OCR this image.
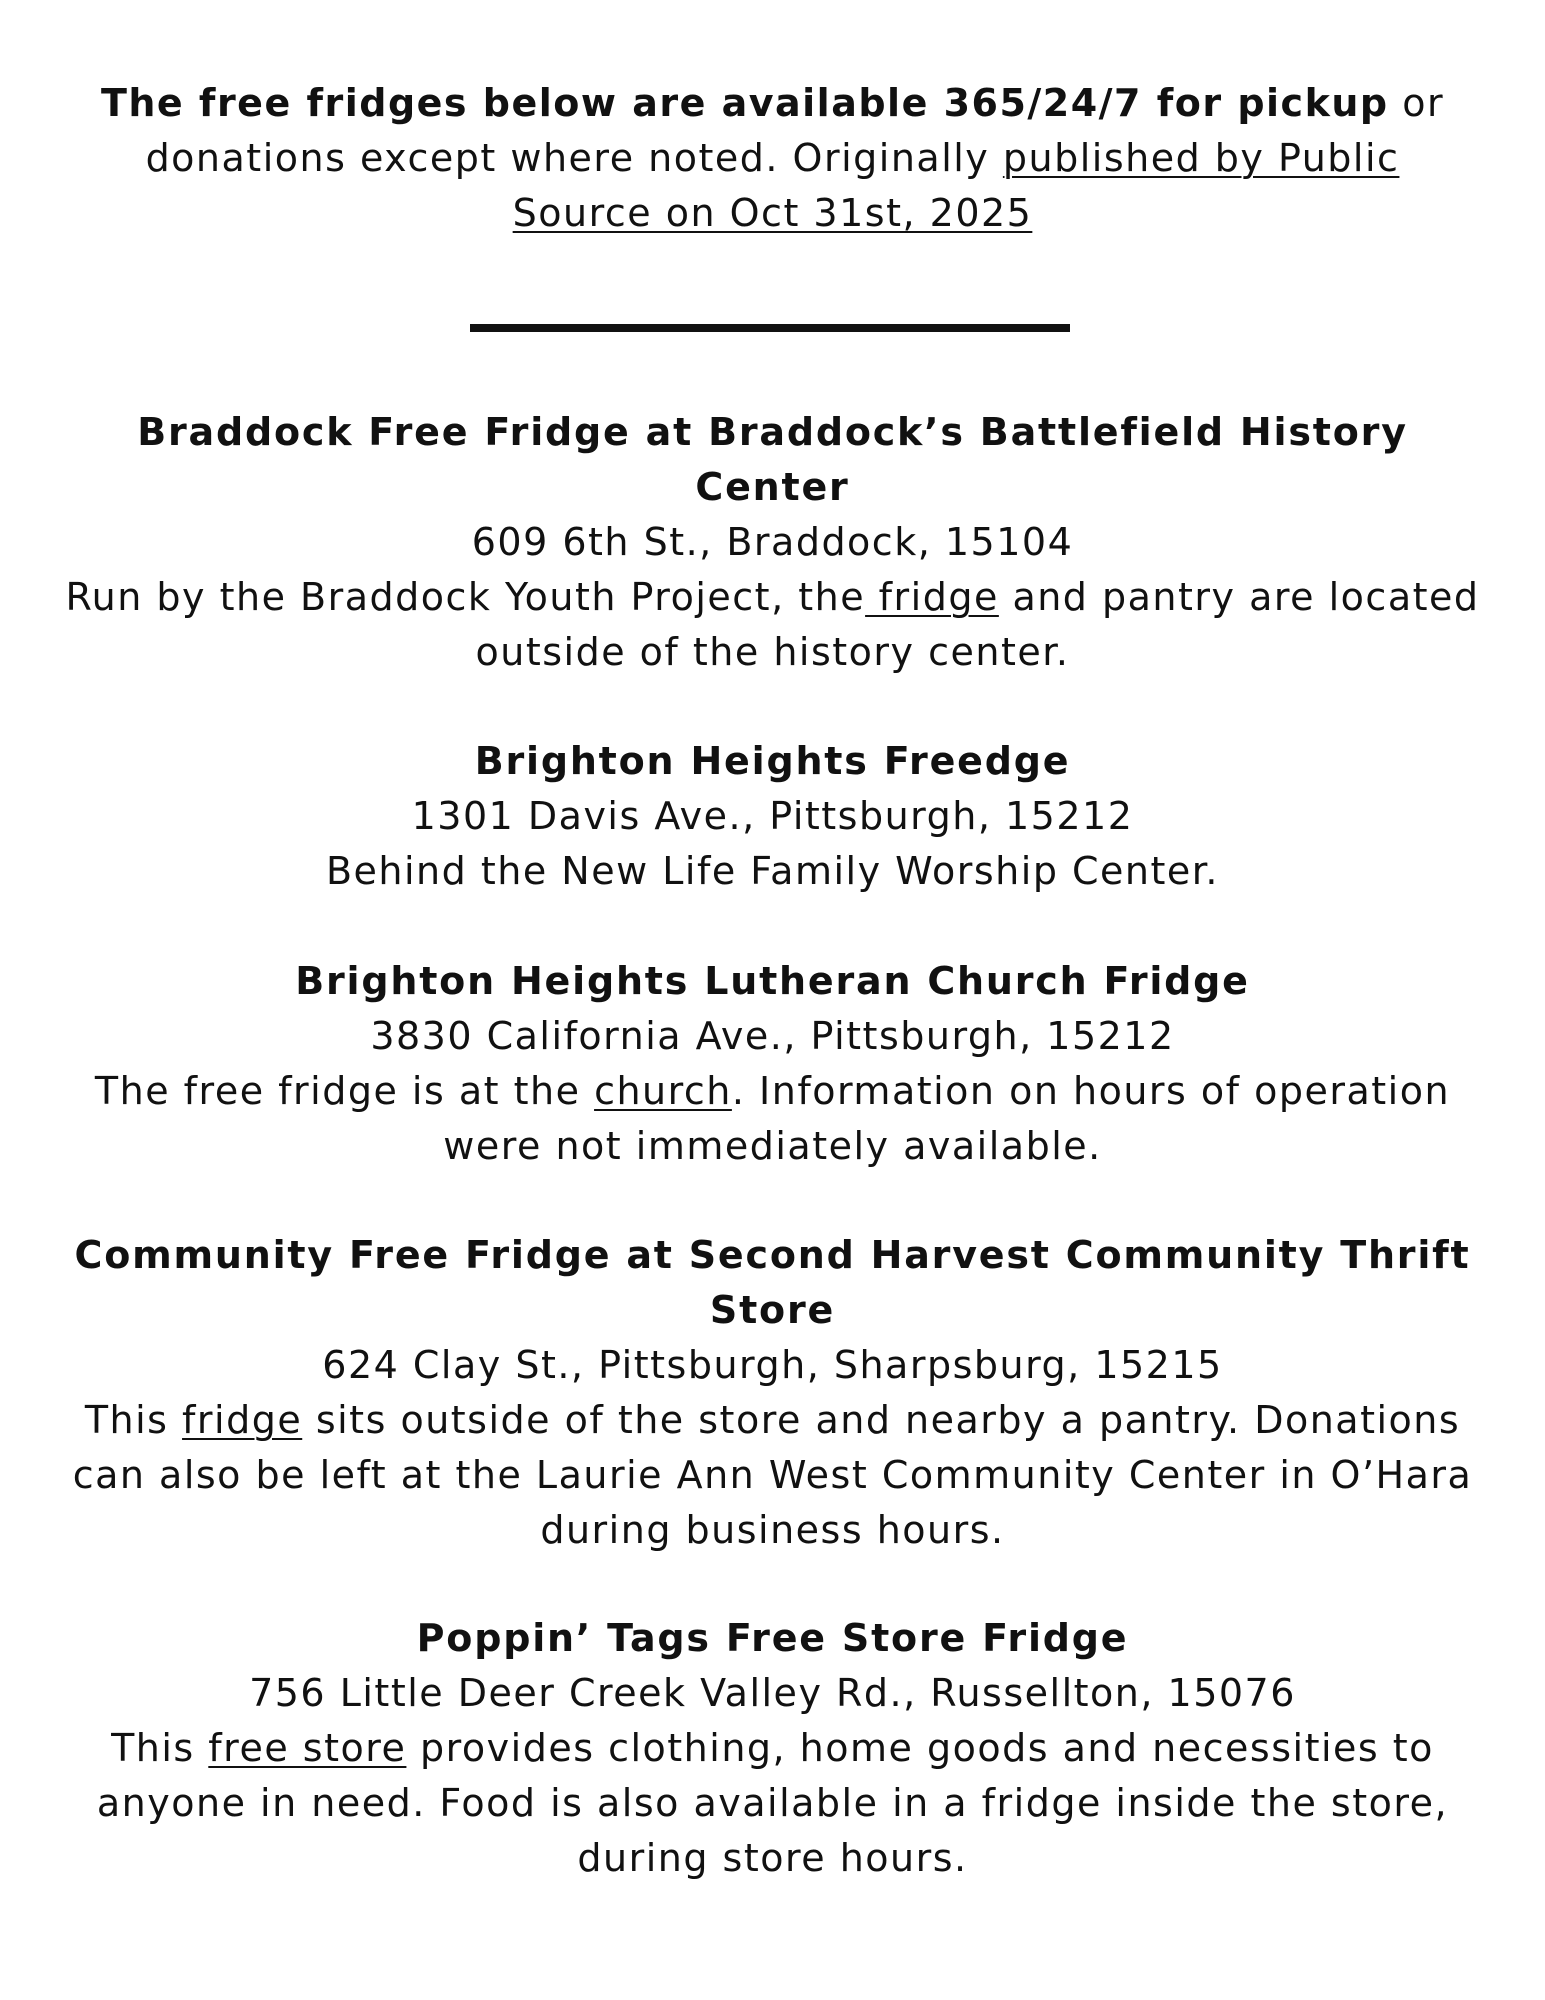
The free fridges below are available 365/24/7 for pickup or donations except where noted. Originally published by Public Source on Oct 31st, 2025
Braddock Free Fridge at Braddock’s Battlefield History Center
609 6th St., Braddock, 15104
Run by the Braddock Youth Project, the fridge and pantry are located outside of the history center.
Brighton Heights Freedge
1301 Davis Ave., Pittsburgh, 15212
Behind the New Life Family Worship Center.
Brighton Heights Lutheran Church Fridge
3830 California Ave., Pittsburgh, 15212
The free fridge is at the church. Information on hours of operation were not immediately available.
Community Free Fridge at Second Harvest Community Thrift Store
624 Clay St., Pittsburgh, Sharpsburg, 15215
This fridge sits outside of the store and nearby a pantry. Donations can also be left at the Laurie Ann West Community Center in O’Hara during business hours.
Poppin’ Tags Free Store Fridge
756 Little Deer Creek Valley Rd., Russellton, 15076
This free store provides clothing, home goods and necessities to anyone in need. Food is also available in a fridge inside the store, during store hours.
